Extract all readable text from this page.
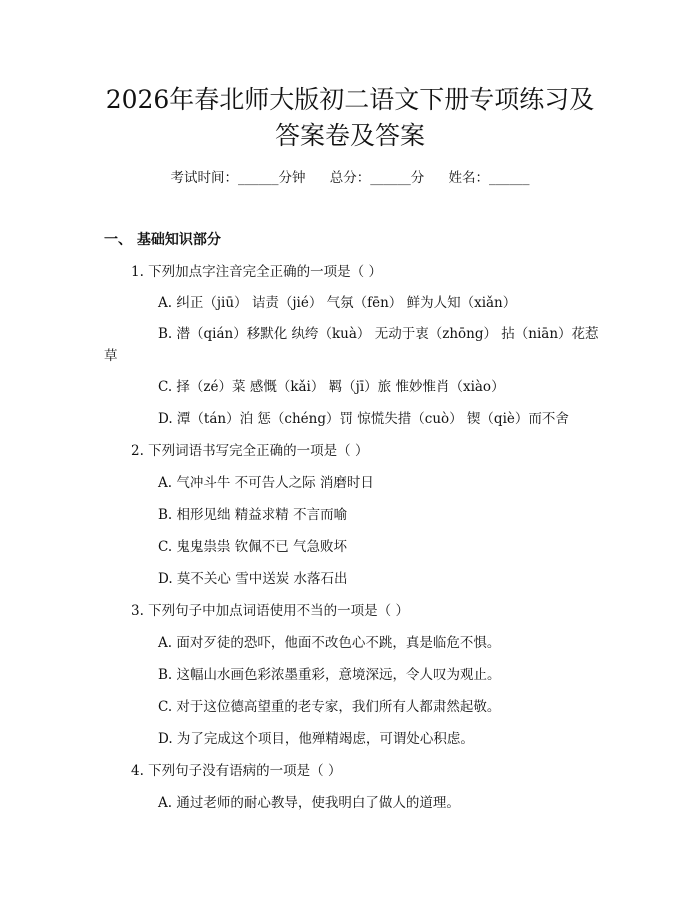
2026年春北师大版初二语文下册专项练习及
答案卷及答案
考试时间：______分钟 总分：______分 姓名：______
一、 基础知识部分
1. 下列加点字注音完全正确的一项是（ ）
A. 纠正（jiū） 诘责（jié） 气氛（fēn） 鲜为人知（xiǎn）
B. 潜（qián）移默化 纨绔（kuà） 无动于衷（zhōng） 拈（niān）花惹
草
C. 择（zé）菜 感慨（kǎi） 羁（jī）旅 惟妙惟肖（xiào）
D. 潭（tán）泊 惩（chéng）罚 惊慌失措（cuò） 锲（qiè）而不舍
2. 下列词语书写完全正确的一项是（ ）
A. 气冲斗牛 不可告人之际 消磨时日
B. 相形见绌 精益求精 不言而喻
C. 鬼鬼祟祟 钦佩不已 气急败坏
D. 莫不关心 雪中送炭 水落石出
3. 下列句子中加点词语使用不当的一项是（ ）
A. 面对歹徒的恐吓，他面不改色心不跳，真是临危不惧。
B. 这幅山水画色彩浓墨重彩，意境深远，令人叹为观止。
C. 对于这位德高望重的老专家，我们所有人都肃然起敬。
D. 为了完成这个项目，他殚精竭虑，可谓处心积虑。
4. 下列句子没有语病的一项是（ ）
A. 通过老师的耐心教导，使我明白了做人的道理。
